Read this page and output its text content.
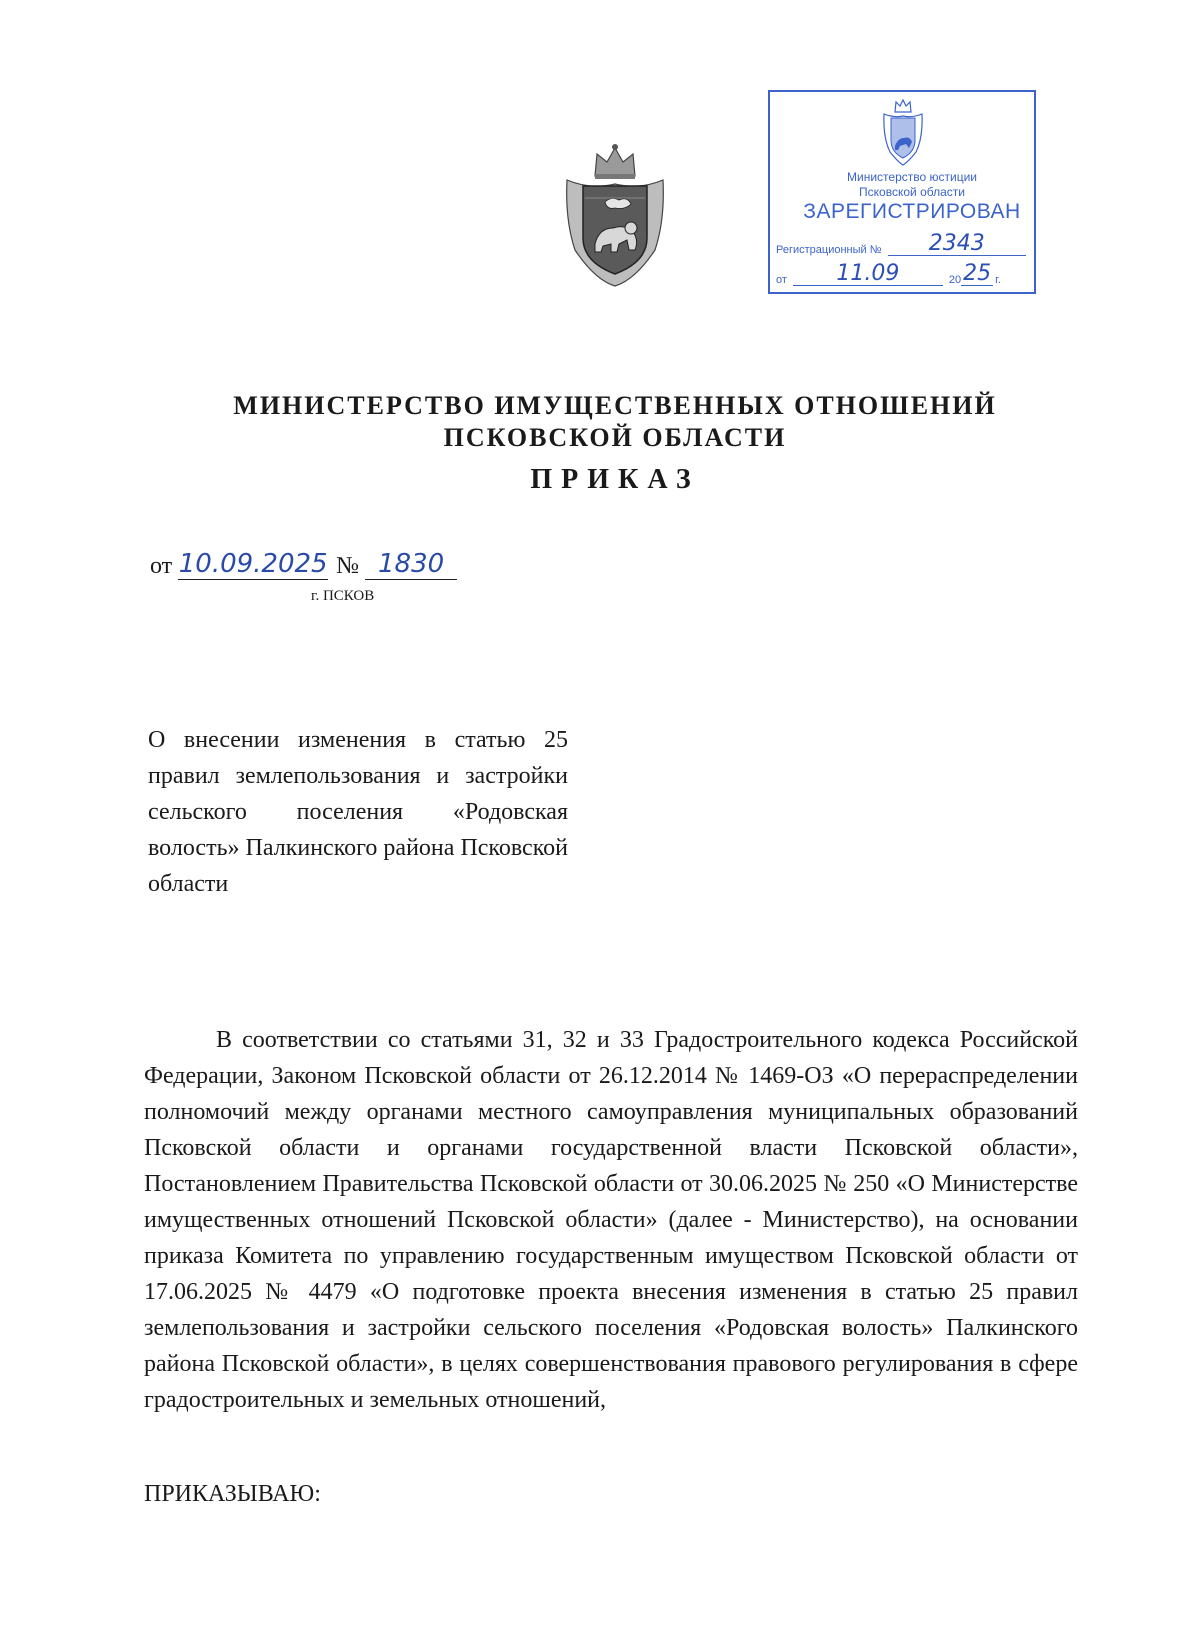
Министерство юстиции
Псковской области
ЗАРЕГИСТРИРОВАН
Регистрационный №	2343
от	11.09	20 25 г.
МИНИСТЕРСТВО ИМУЩЕСТВЕННЫХ ОТНОШЕНИЙ
ПСКОВСКОЙ ОБЛАСТИ
ПРИКАЗ
от 10.09.2025 № 1830
г. ПСКОВ
О внесении изменения в статью 25 правил землепользования и застройки сельского поселения «Родовская волость» Палкинского района Псковской области
В соответствии со статьями 31, 32 и 33 Градостроительного кодекса Российской Федерации, Законом Псковской области от 26.12.2014 № 1469-ОЗ «О перераспределении полномочий между органами местного самоуправления муниципальных образований Псковской области и органами государственной власти Псковской области», Постановлением Правительства Псковской области от 30.06.2025 № 250 «О Министерстве имущественных отношений Псковской области» (далее - Министерство), на основании приказа Комитета по управлению государственным имуществом Псковской области от 17.06.2025 № 4479 «О подготовке проекта внесения изменения в статью 25 правил землепользования и застройки сельского поселения «Родовская волость» Палкинского района Псковской области», в целях совершенствования правового регулирования в сфере градостроительных и земельных отношений,
ПРИКАЗЫВАЮ:
